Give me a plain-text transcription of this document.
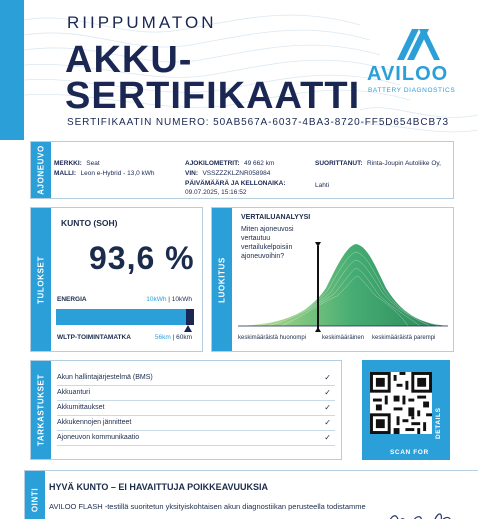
RIIPPUMATON
AKKU-
SERTIFIKAATTI
SERTIFIKAATIN NUMERO: 50AB567A-6037-4BA3-8720-FF5D654BCB73
AVILOO
BATTERY DIAGNOSTICS
AJONEUVO MERKKI: Seat
MALLI: Leon e-Hybrid - 13,0 kWh
AJOKILOMETRIT: 49 662 km
VIN: VSSZZZKLZNR058984
PÄIVÄMÄÄRÄ JA KELLONAIKA:
09.07.2025, 15:16:52
SUORITTANUT: Rinta-Joupin Autoliike Oy, Lahti
TULOKSET
KUNTO (SOH)
93,6 %
ENERGIA	10kWh | 10kWh
WLTP-TOIMINTAMATKA	56km | 60km
LUOKITUS
VERTAILUANALYYSI
Miten ajoneuvosi vertautuu vertailukelpoisiin ajoneuvoihin?
keskimääräistä huonompi	keskimääräinen keskimääräistä parempi
TARKASTUKSET Akun hallintajärjestelmä (BMS)	✓
Akkuanturi	✓
Akkumittaukset	✓
Akkukennojen jännitteet	✓
Ajoneuvon kommunikaatio	✓
SCAN FOR
DETAILS
OINTI
HYVÄ KUNTO – EI HAVAITTUJA POIKKEAVUUKSIA
AVILOO FLASH -testillä suoritetun yksityiskohtaisen akun diagnostiikan perusteella todistamme
